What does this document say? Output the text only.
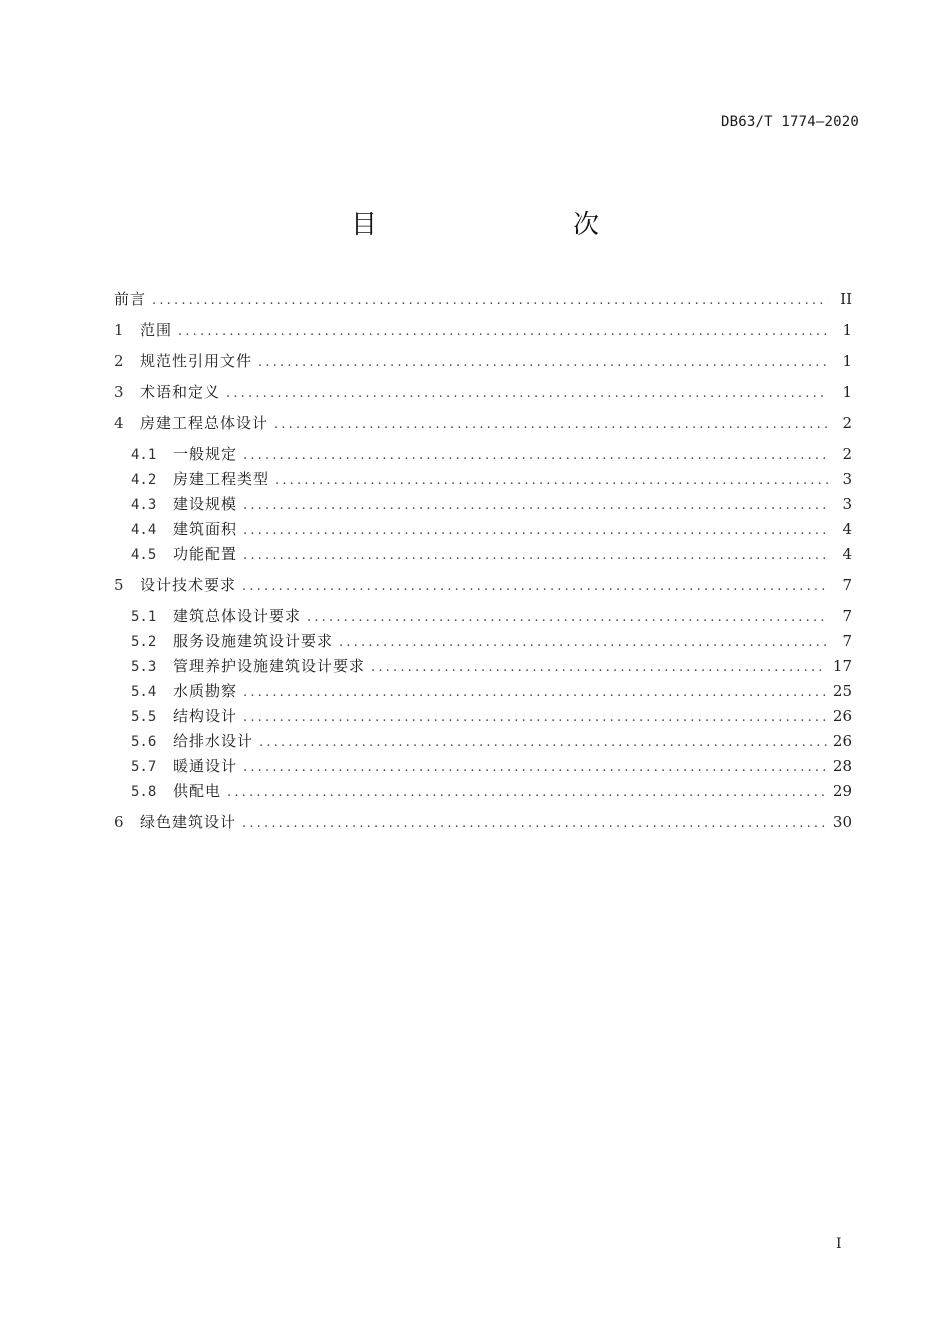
DB63/T 1774—2020
目　　次
前言 .....	II
1	范围 .....	1
2	规范性引用文件 .....	1
3	术语和定义 .....	1
4	房建工程总体设计 .....	2
4.1	一般规定 .....	2
4.2	房建工程类型 .....	3
4.3	建设规模 .....	3
4.4	建筑面积 .....	4
4.5	功能配置 .....	4
5	设计技术要求 .....	7
5.1	建筑总体设计要求 .....	7
5.2	服务设施建筑设计要求 .....	7
5.3	管理养护设施建筑设计要求 .....	17
5.4	水质勘察 .....	25
5.5	结构设计 .....	26
5.6	给排水设计 .....	26
5.7	暖通设计 .....	28
5.8	供配电 .....	29
6	绿色建筑设计 .....	30
I
